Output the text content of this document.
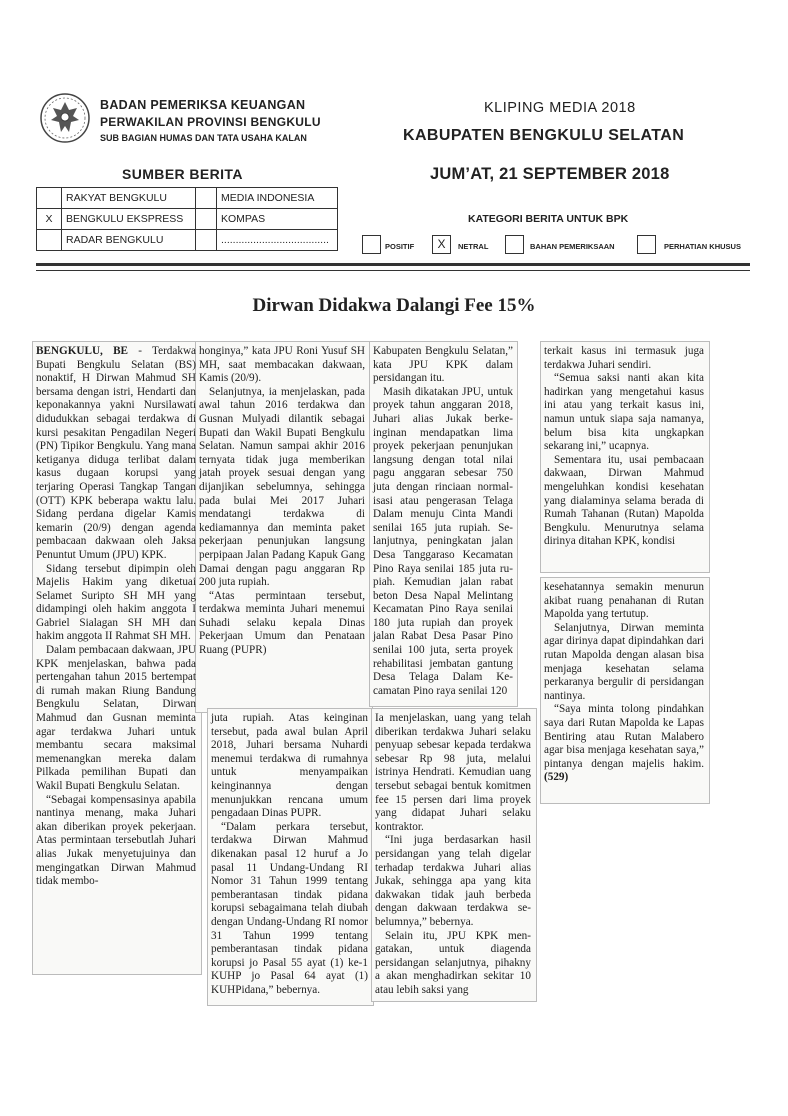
BADAN PEMERIKSA KEUANGAN
PERWAKILAN PROVINSI BENGKULU
SUB BAGIAN HUMAS DAN TATA USAHA KALAN
KLIPING MEDIA 2018
KABUPATEN BENGKULU SELATAN
JUM’AT, 21 SEPTEMBER 2018
SUMBER BERITA
	RAKYAT BENGKULU		MEDIA INDONESIA
X	BENGKULU EKSPRESS		KOMPAS
	RADAR BENGKULU		.....................................
KATEGORI BERITA UNTUK BPK
POSITIF	X	NETRAL	BAHAN PEMERIKSAAN	PERHATIAN KHUSUS
Dirwan Didakwa Dalangi Fee 15%

BENGKULU, BE - Terdakwa Bupati Bengkulu Selatan (BS) nonaktif, H Dirwan Mahmud SH bersama dengan istri, Hendarti dan keponakannya yakni Nursilawati didudukkan sebagai terdakwa di kursi pesakitan Pengadilan Negeri (PN) Tipikor Bengkulu. Yang mana ketiganya diduga terlibat dalam kasus dugaan korupsi yang terjaring Operasi Tangkap Tangan (OTT) KPK beberapa waktu lalu. Sidang perdana digelar Kamis kemarin (20/9) dengan agenda pembacaan dakwaan oleh Jaksa Penuntut Umum (JPU) KPK.

Sidang tersebut dipimpin oleh Majelis Hakim yang diketuai Selamet Suripto SH MH yang didampingi oleh hakim anggota I Gabriel Sialagan SH MH dan hakim anggota II Rahmat SH MH.

Dalam pembacaan dakwaan, JPU KPK menjelaskan, bahwa pada pertengahan tahun 2015 bertempat di rumah makan Riung Bandung Bengkulu Selatan, Dirwan Mahmud dan Gusnan meminta agar terdakwa Juhari untuk membantu secara maksimal memenangkan mereka dalam Pilkada pemilihan Bupati dan Wakil Bupati Bengkulu Selatan.

“Sebagai kompensasinya apabila nantinya menang, maka Juhari akan diberikan proyek pekerjaan. Atas permintaan tersebutlah Juhari alias Jukak menyetujuinya dan mengingatkan Dirwan Mahmud tidak membo-

honginya,” kata JPU Roni Yusuf SH MH, saat membacakan dakwaan, Kamis (20/9).

Selanjutnya, ia menjelaskan, pada awal tahun 2016 terdakwa dan Gusnan Mulyadi dilantik sebagai Bupati dan Wakil Bupati Bengkulu Selatan. Namun sampai akhir 2016 ternyata tidak juga memberikan jatah proyek sesuai dengan yang dijanjikan sebelumnya, sehingga pada bulai Mei 2017 Juhari mendatangi terdakwa di kediamannya dan meminta paket pekerjaan penunjukan langsung perpipaan Jalan Padang Kapuk Gang Damai dengan pagu anggaran Rp 200 juta rupiah.

“Atas permintaan tersebut, terdakwa meminta Juhari menemui Suhadi selaku kepala Dinas Pekerjaan Umum dan Penataan Ruang (PUPR)

Kabupaten Bengkulu Selatan,” kata JPU KPK dalam persidangan itu.

Masih dikatakan JPU, untuk proyek tahun anggaran 2018, Juhari alias Jukak berkeinginan mendapatkan lima proyek pekerjaan penunjukan langsung dengan total nilai pagu anggaran sebesar 750 juta dengan rinciaan normalisasi atau pengerasan Telaga Dalam menuju Cinta Mandi senilai 165 juta rupiah. Selanjutnya, peningkatan jalan Desa Tanggaraso Kecamatan Pino Raya senilai 185 juta rupiah. Kemudian jalan rabat beton Desa Napal Melintang Kecamatan Pino Raya senilai 180 juta rupiah dan proyek jalan Rabat Desa Pasar Pino senilai 100 juta, serta proyek rehabilitasi jembatan gantung Desa Telaga Dalam Kecamatan Pino raya senilai 120

juta rupiah. Atas keinginan tersebut, pada awal bulan April 2018, Juhari bersama Nuhardi menemui terdakwa di rumahnya untuk menyampaikan keinginannya dengan menunjukkan rencana umum pengadaan Dinas PUPR.

“Dalam perkara tersebut, terdakwa Dirwan Mahmud dikenakan pasal 12 huruf a Jo pasal 11 Undang-Undang RI Nomor 31 Tahun 1999 tentang pemberantasan tindak pidana korupsi sebagaimana telah diubah dengan Undang-Undang RI nomor 31 Tahun 1999 tentang pemberantasan tindak pidana korupsi jo Pasal 55 ayat (1) ke-1 KUHP jo Pasal 64 ayat (1) KUHPidana,” bebernya.

Ia menjelaskan, uang yang telah diberikan terdakwa Juhari selaku penyuap sebesar kepada terdakwa sebesar Rp 98 juta, melalui istrinya Hendrati. Kemudian uang tersebut sebagai bentuk komitmen fee 15 persen dari lima proyek yang didapat Juhari selaku kontraktor.

“Ini juga berdasarkan hasil persidangan yang telah digelar terhadap terdakwa Juhari alias Jukak, sehingga apa yang kita dakwakan tidak jauh berbeda dengan dakwaan terdakwa sebelumnya,” bebernya.

Selain itu, JPU KPK mengatakan, untuk diagenda persidangan selanjutnya, pihakny a akan menghadirkan sekitar 10 atau lebih saksi yang

terkait kasus ini termasuk juga terdakwa Juhari sendiri.

“Semua saksi nanti akan kita hadirkan yang mengetahui kasus ini atau yang terkait kasus ini, namun untuk siapa saja namanya, belum bisa kita ungkapkan sekarang ini,” ucapnya.

Sementara itu, usai pembacaan dakwaan, Dirwan Mahmud mengeluhkan kondisi kesehatan yang dialaminya selama berada di Rumah Tahanan (Rutan) Mapolda Bengkulu. Menurutnya selama dirinya ditahan KPK, kondisi

kesehatannya semakin menurun akibat ruang penahanan di Rutan Mapolda yang tertutup.

Selanjutnya, Dirwan meminta agar dirinya dapat dipindahkan dari rutan Mapolda dengan alasan bisa menjaga kesehatan selama perkaranya bergulir di persidangan nantinya.

“Saya minta tolong pindahkan saya dari Rutan Mapolda ke Lapas Bentiring atau Rutan Malabero agar bisa menjaga kesehatan saya,” pintanya dengan majelis hakim.(529)
